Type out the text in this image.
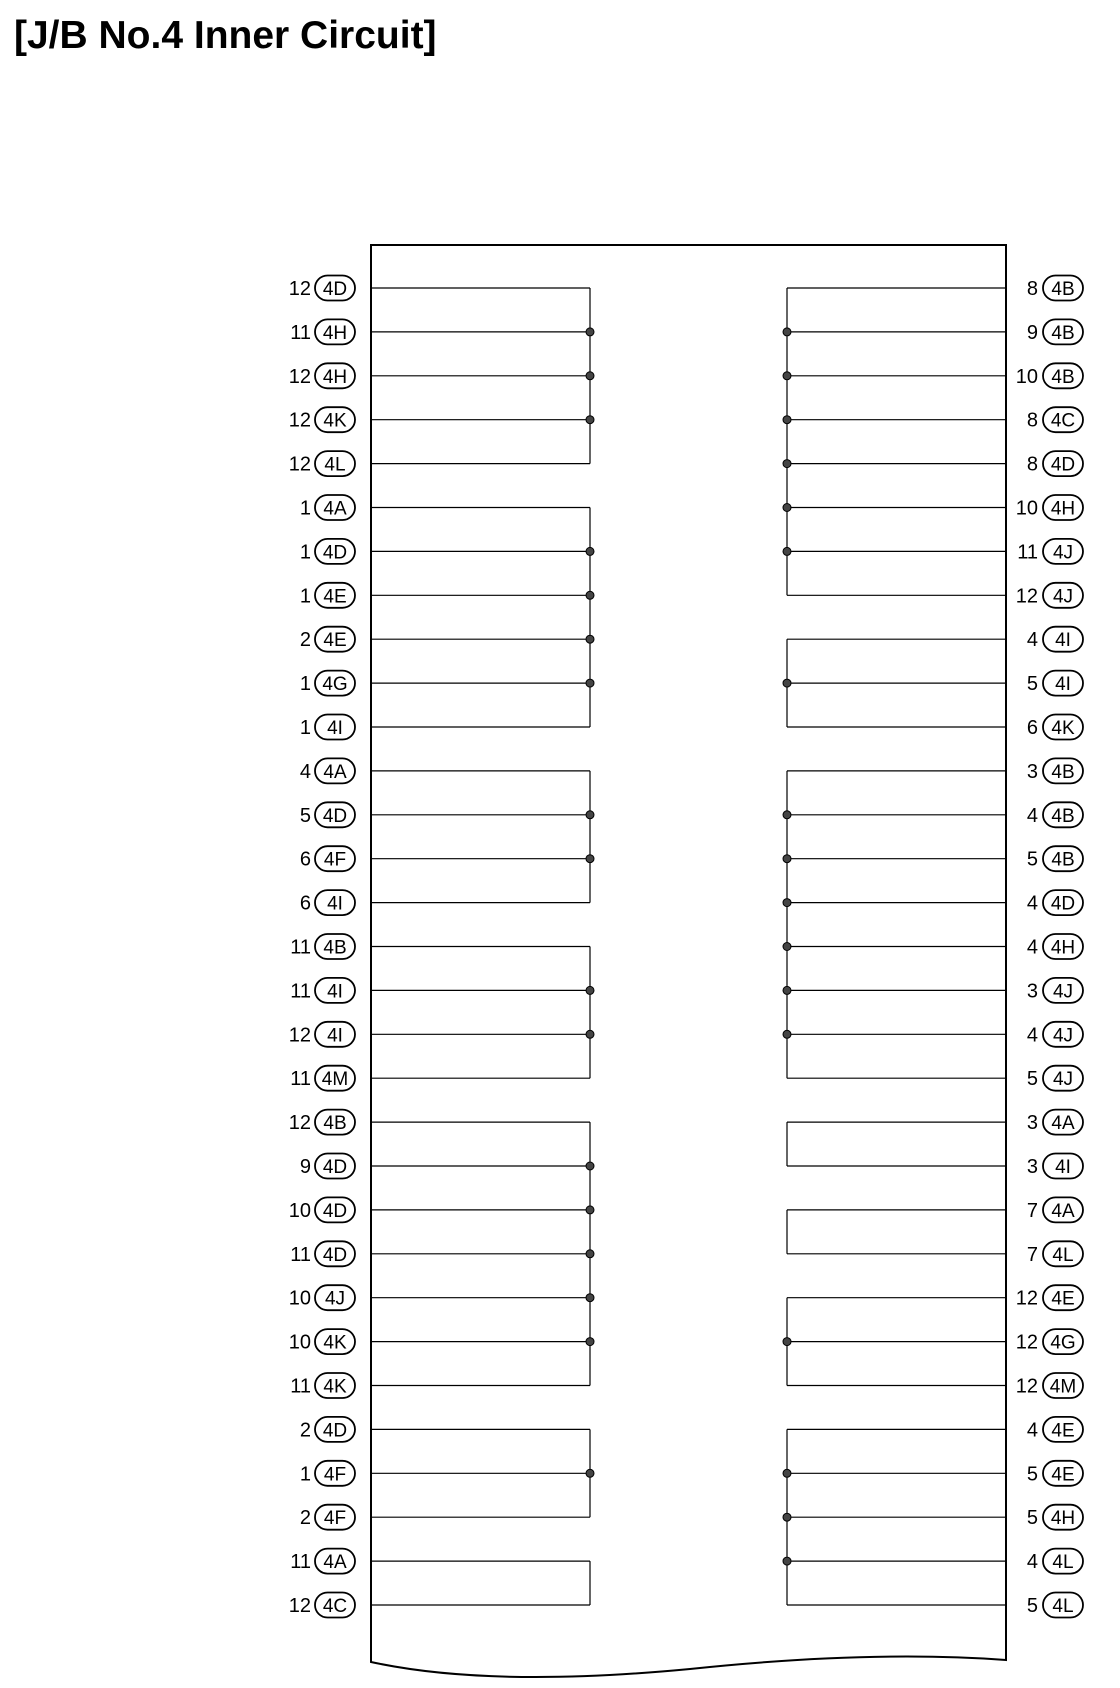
[J/B No.4 Inner Circuit]
12 4D
11 4H
12 4H
12 4K
12 4L
1 4A
1 4D
1 4E
2 4E
1 4G
1 4I
4 4A
5 4D
6 4F
6 4I
11 4B
11 4I
12 4I
11 4M
12 4B
9 4D
10 4D
11 4D
10 4J
10 4K
11 4K
2 4D
1 4F
2 4F
11 4A
12 4C
8 4B
9 4B
10 4B
8 4C
8 4D
10 4H
11 4J
12 4J
4 4I
5 4I
6 4K
3 4B
4 4B
5 4B
4 4D
4 4H
3 4J
4 4J
5 4J
3 4A
3 4I
7 4A
7 4L
12 4E
12 4G
12 4M
4 4E
5 4E
5 4H
4 4L
5 4L
